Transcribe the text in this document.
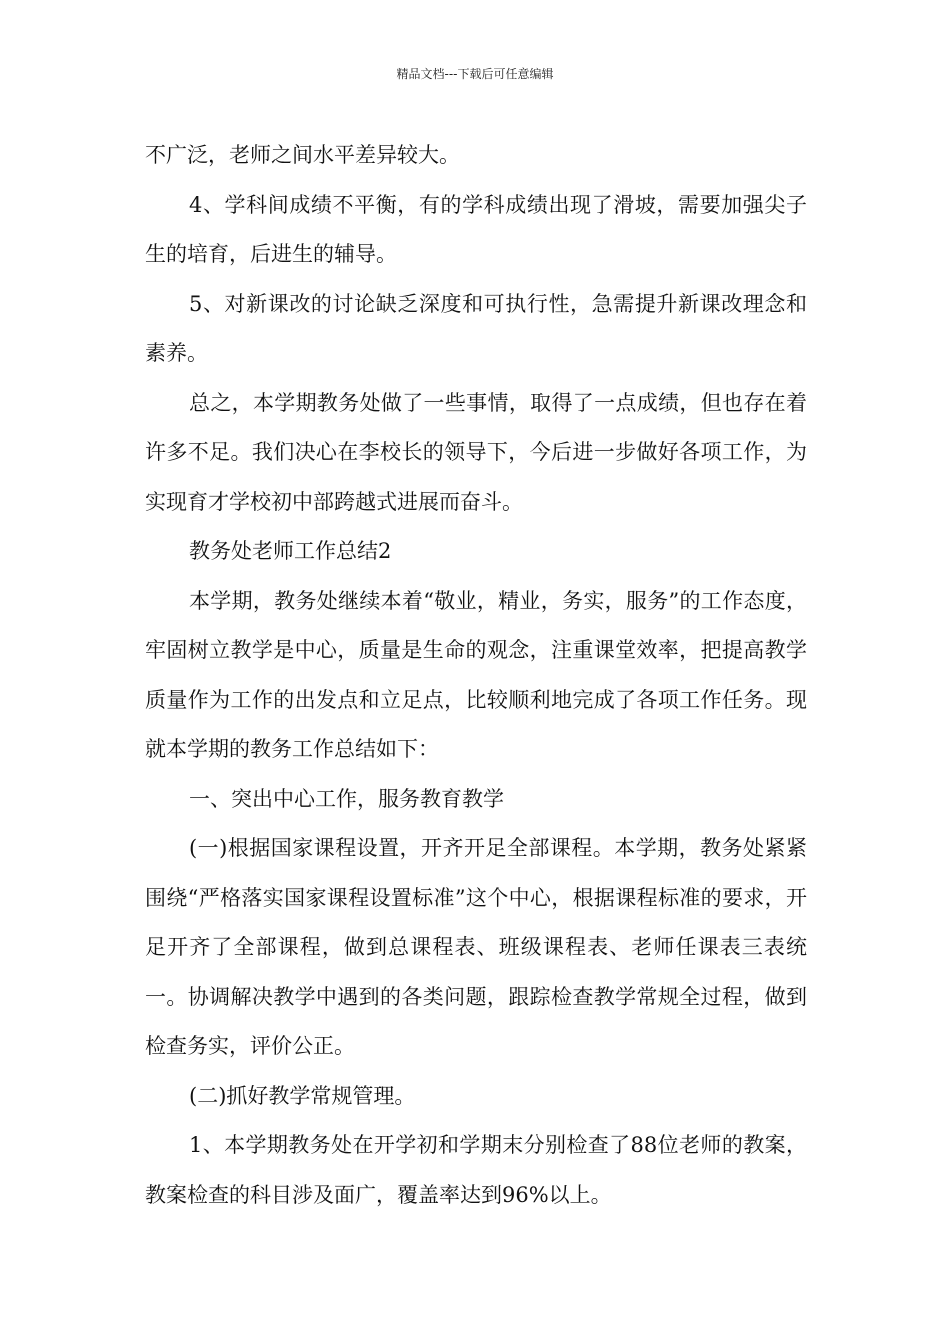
精品文档---下载后可任意编辑

不广泛，老师之间水平差异较大。

4、学科间成绩不平衡，有的学科成绩出现了滑坡，需要加强尖子生的培育，后进生的辅导。

5、对新课改的讨论缺乏深度和可执行性，急需提升新课改理念和素养。

总之，本学期教务处做了一些事情，取得了一点成绩，但也存在着许多不足。我们决心在李校长的领导下，今后进一步做好各项工作，为实现育才学校初中部跨越式进展而奋斗。

教务处老师工作总结2

本学期，教务处继续本着“敬业，精业，务实，服务”的工作态度，牢固树立教学是中心，质量是生命的观念，注重课堂效率，把提高教学质量作为工作的出发点和立足点，比较顺利地完成了各项工作任务。现就本学期的教务工作总结如下：

一、突出中心工作，服务教育教学

(一)根据国家课程设置，开齐开足全部课程。本学期，教务处紧紧围绕“严格落实国家课程设置标准”这个中心，根据课程标准的要求，开足开齐了全部课程，做到总课程表、班级课程表、老师任课表三表统一。协调解决教学中遇到的各类问题，跟踪检查教学常规全过程，做到检查务实，评价公正。

(二)抓好教学常规管理。

1、本学期教务处在开学初和学期末分别检查了88位老师的教案，教案检查的科目涉及面广，覆盖率达到96%以上。
